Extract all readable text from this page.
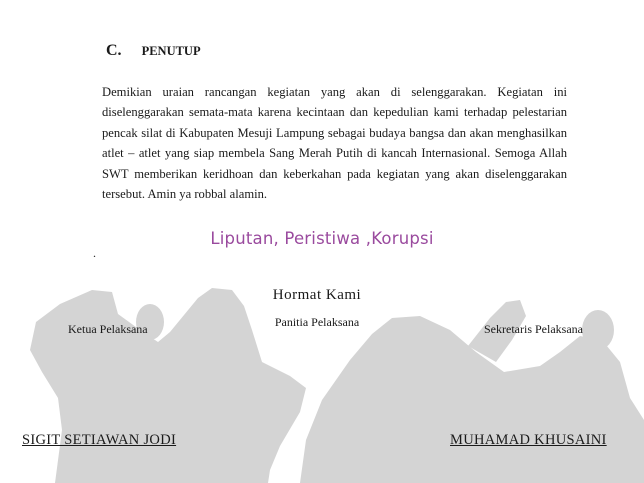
C. PENUTUP
Demikian uraian rancangan kegiatan yang akan di selenggarakan. Kegiatan ini diselenggarakan semata-mata karena kecintaan dan kepedulian kami terhadap pelestarian pencak silat di Kabupaten Mesuji Lampung sebagai budaya bangsa dan akan menghasilkan atlet – atlet yang siap membela Sang Merah Putih di kancah Internasional. Semoga Allah SWT memberikan keridhoan dan keberkahan pada kegiatan yang akan diselenggarakan tersebut. Amin ya robbal alamin.
Liputan, Peristiwa ,Korupsi
.
Hormat Kami
Panitia Pelaksana
Ketua Pelaksana	Sekretaris Pelaksana
SIGIT SETIAWAN JODI	MUHAMAD KHUSAINI
